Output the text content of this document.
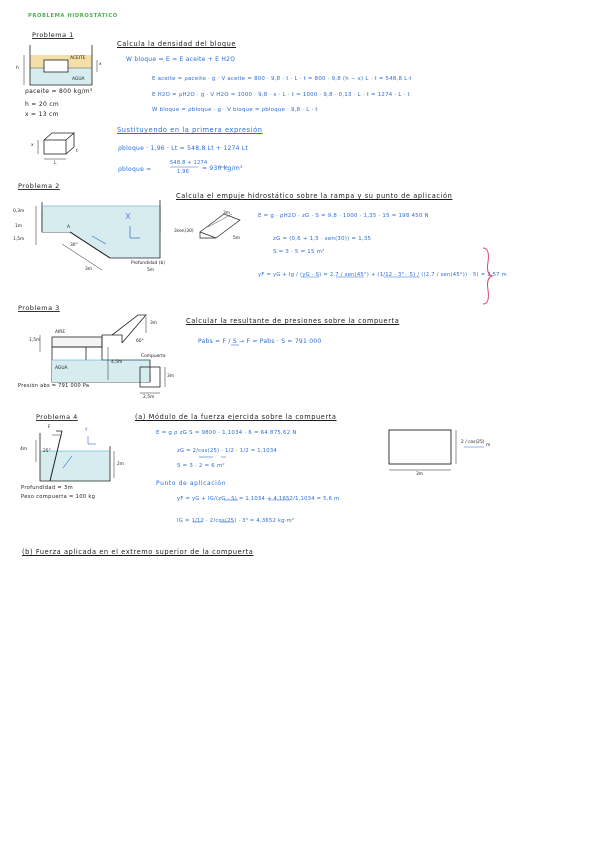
PROBLEMA HIDROSTÁTICO
Problema 1
Calcula la densidad del bloque
h
ACEITE
AGUA
x
ρaceite = 800 kg/m³
h = 20 cm
x = 13 cm
W bloque = E = E aceite + E H2O
E aceite = ρaceite · g · V aceite = 800 · 9,8 · t · L · t = 800 · 9,8 (h − x) L · t = 548,8 L·t
E H2O = ρH2O · g · V H2O = 1000 · 9,8 · x · L · t = 1000 · 9,8 · 0,13 · L · t = 1274 · L · t
W bloque = ρbloque · g · V bloque = ρbloque · 9,8 · L · t
Sustituyendo en la primera expresión
ρbloque · 1,96 · Lt = 548,8 Lt + 1274 Lt
ρbloque =
548,8 + 1274
1,96 = 930 kg/m³
x
t
L
Problema 2
Calcula el empuje hidrostático sobre la rampa y su punto de aplicación
0,3m
1m
1,5m
A
30°
3m
Profundidad (b)
5m
3m
3sen(30)
5m
E = g · ρH2O · zG · S = 9,8 · 1000 · 1,35 · 15 = 198 450 N
zG = (0,6 + 1,5 · sen(30)) = 1,35
S = 3 · 5 = 15 m²
yF = yG + Ig / (yG · S) = 2,7 / sen(45°) + (1/12 · 3³ · 5) / ((2,7 / sen(45°)) · 5) = 2,57 m
Problema 3
Calcular la resultante de presiones sobre la compuerta
AIRE
AGUA
1,5m	60°
3m
4,5m
Compuerta
2,5m
3m
Presión abs = 791 000 Pa
Pabs = F / S → F = Pabs · S = 791 000
Problema 4	(a) Módulo de la fuerza ejercida sobre la compuerta
F
4m	25°
2m
y
Profundidad = 3m
Peso compuerta = 100 kg
E = g ρ zG S = 9800 · 1,1034 · 6 = 64 875,62 N
zG = 2/cos(25) · 1/2 · 1/2 = 1,1034
S = 3 · 2 = 6 m²
Punto de aplicación
yF = yG + IG/(zG · S) = 1,1034 + 4,1652/1,1034 = 5,6 m
IG = 1/12 · 2/cos(25) · 3³ = 4,3652 kg·m²
2 / cos(25)
m
3m
(b) Fuerza aplicada en el extremo superior de la compuerta
